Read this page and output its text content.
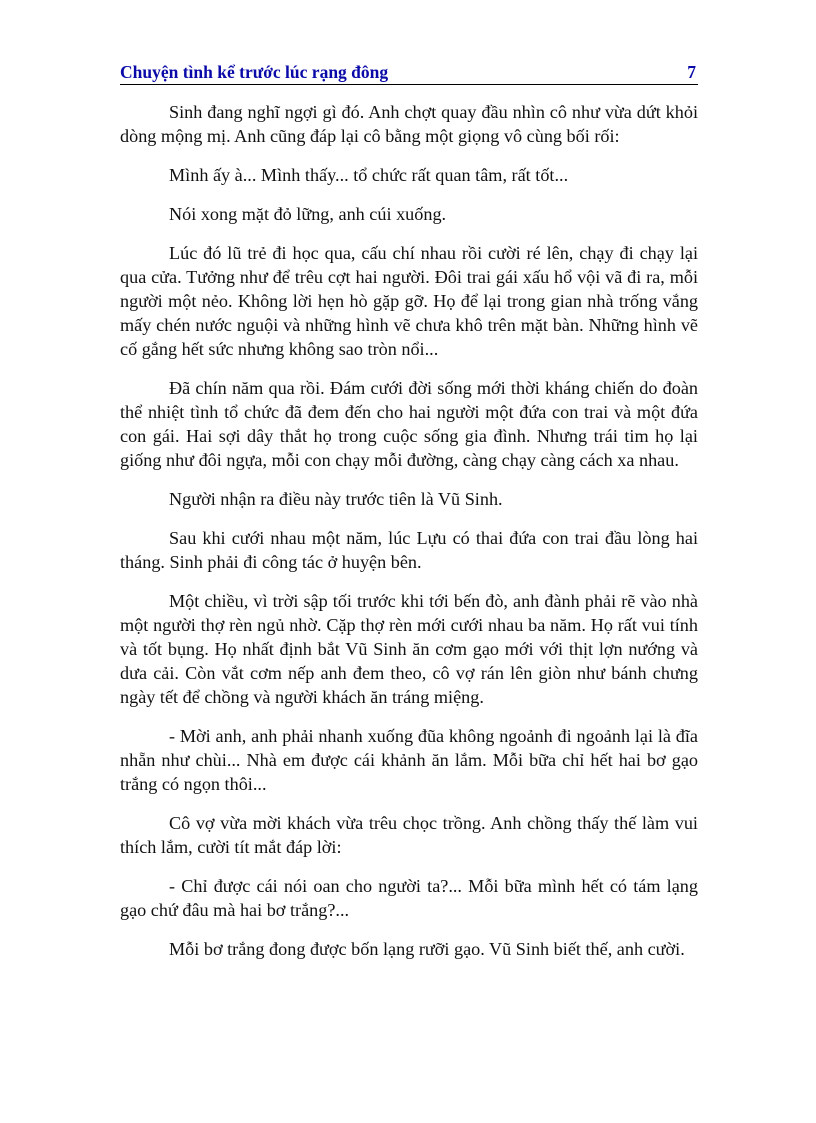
Chuyện tình kể trước lúc rạng đông	7

Sinh đang nghĩ ngợi gì đó. Anh chợt quay đầu nhìn cô như vừa dứt khỏi dòng mộng mị. Anh cũng đáp lại cô bằng một giọng vô cùng bối rối:

Mình ấy à... Mình thấy... tổ chức rất quan tâm, rất tốt...

Nói xong mặt đỏ lững, anh cúi xuống.

Lúc đó lũ trẻ đi học qua, cấu chí nhau rồi cười ré lên, chạy đi chạy lại qua cửa. Tưởng như để trêu cợt hai người. Đôi trai gái xấu hổ vội vã đi ra, mỗi người một nẻo. Không lời hẹn hò gặp gỡ. Họ để lại trong gian nhà trống vắng mấy chén nước nguội và những hình vẽ chưa khô trên mặt bàn. Những hình vẽ cố gắng hết sức nhưng không sao tròn nổi...

Đã chín năm qua rồi. Đám cưới đời sống mới thời kháng chiến do đoàn thể nhiệt tình tổ chức đã đem đến cho hai người một đứa con trai và một đứa con gái. Hai sợi dây thắt họ trong cuộc sống gia đình. Nhưng trái tim họ lại giống như đôi ngựa, mỗi con chạy mỗi đường, càng chạy càng cách xa nhau.

Người nhận ra điều này trước tiên là Vũ Sinh.

Sau khi cưới nhau một năm, lúc Lựu có thai đứa con trai đầu lòng hai tháng. Sinh phải đi công tác ở huyện bên.

Một chiều, vì trời sập tối trước khi tới bến đò, anh đành phải rẽ vào nhà một người thợ rèn ngủ nhờ. Cặp thợ rèn mới cưới nhau ba năm. Họ rất vui tính và tốt bụng. Họ nhất định bắt Vũ Sinh ăn cơm gạo mới với thịt lợn nướng và dưa cải. Còn vắt cơm nếp anh đem theo, cô vợ rán lên giòn như bánh chưng ngày tết để chồng và người khách ăn tráng miệng.

- Mời anh, anh phải nhanh xuống đũa không ngoảnh đi ngoảnh lại là đĩa nhẵn như chùi... Nhà em được cái khảnh ăn lắm. Mỗi bữa chỉ hết hai bơ gạo trắng có ngọn thôi...

Cô vợ vừa mời khách vừa trêu chọc trồng. Anh chồng thấy thế làm vui thích lắm, cười tít mắt đáp lời:

- Chỉ được cái nói oan cho người ta?... Mỗi bữa mình hết có tám lạng gạo chứ đâu mà hai bơ trắng?...

Mỗi bơ trắng đong được bốn lạng rưỡi gạo. Vũ Sinh biết thế, anh cười.
